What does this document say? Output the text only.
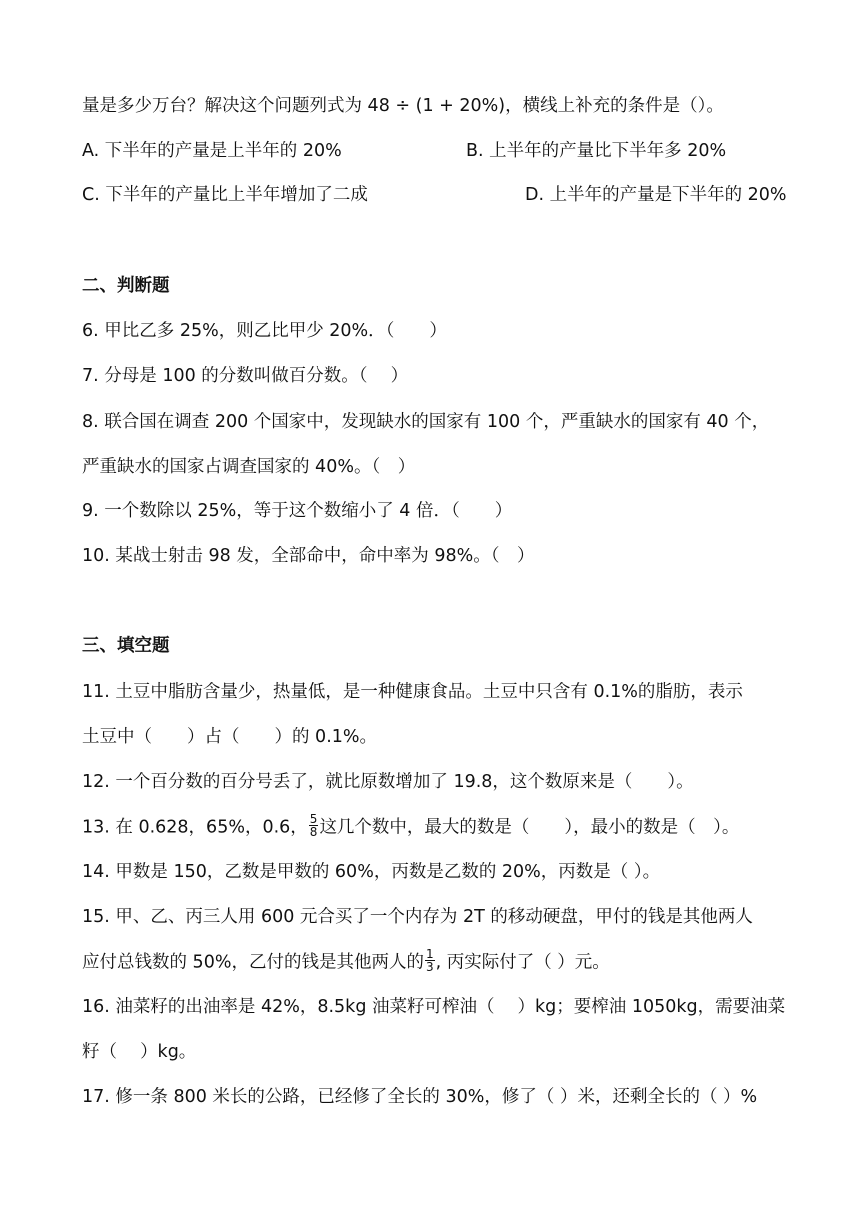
量是多少万台？解决这个问题列式为 48 ÷ (1 + 20%)，横线上补充的条件是（）。
A. 下半年的产量是上半年的 20%	B. 上半年的产量比下半年多 20%
C. 下半年的产量比上半年增加了二成	D. 上半年的产量是下半年的 20%
二、判断题
6. 甲比乙多 25%，则乙比甲少 20%．（　　）
7. 分母是 100 的分数叫做百分数。（　 ）
8. 联合国在调查 200 个国家中，发现缺水的国家有 100 个，严重缺水的国家有 40 个，
严重缺水的国家占调查国家的 40%。（　）
9. 一个数除以 25%，等于这个数缩小了 4 倍．（　　）
10. 某战士射击 98 发，全部命中，命中率为 98%。（　）
三、填空题
11. 土豆中脂肪含量少，热量低，是一种健康食品。土豆中只含有 0.1%的脂肪，表示
土豆中（　　）占（　　）的 0.1%。
12. 一个百分数的百分号丢了，就比原数增加了 19.8，这个数原来是（　　）。
13. 在 0.628，65%，0.6， $\frac{5}{8}$ 这几个数中，最大的数是（　　），最小的数是（　）。
14. 甲数是 150，乙数是甲数的 60%，丙数是乙数的 20%，丙数是（ ）。
15. 甲、乙、丙三人用 600 元合买了一个内存为 2T 的移动硬盘，甲付的钱是其他两人
应付总钱数的 50%，乙付的钱是其他两人的 $\frac{1}{3}$ , 丙实际付了（ ）元。
16. 油菜籽的出油率是 42%，8.5kg 油菜籽可榨油（　 ）kg；要榨油 1050kg，需要油菜
籽（　 ）kg。
17. 修一条 800 米长的公路，已经修了全长的 30%，修了（ ）米，还剩全长的（ ）%
